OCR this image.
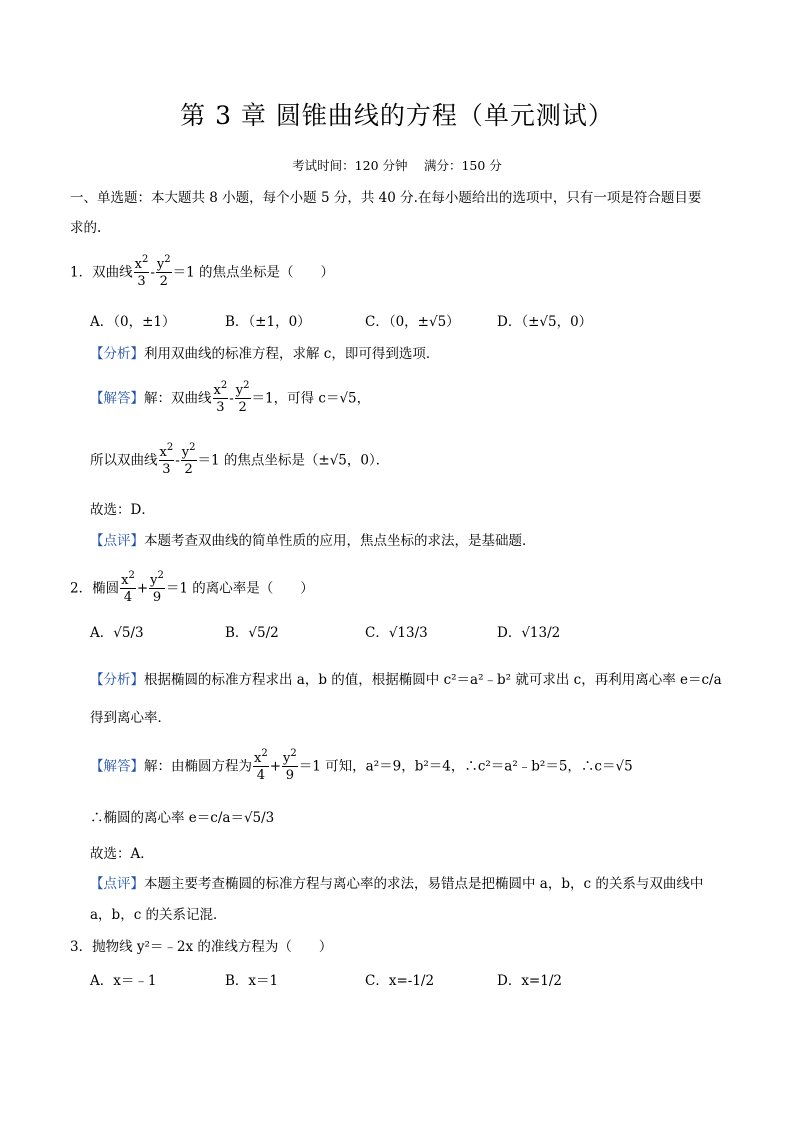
第 3 章 圆锥曲线的方程（单元测试）
考试时间：120 分钟　 满分：150 分
一、单选题：本大题共 8 小题，每个小题 5 分，共 40 分.在每小题给出的选项中，只有一项是符合题目要
求的.
1．双曲线 $\frac{x^2}{3} - \frac{y^2}{2} =1$ 的焦点坐标是（　　）
A．（0，±1）	B．（±1，0）	C．（0，±√5）	D．（±√5，0）
【分析】利用双曲线的标准方程，求解 c，即可得到选项．
【解答】解：双曲线 $\frac{x^2}{3} - \frac{y^2}{2} =1$，可得 c＝√5，
所以双曲线 $\frac{x^2}{3} - \frac{y^2}{2} =1$ 的焦点坐标是（±√5，0）．
故选：D．
【点评】本题考查双曲线的简单性质的应用，焦点坐标的求法，是基础题．
2．椭圆 $\frac{x^2}{4} + \frac{y^2}{9} =1$ 的离心率是（　　）
A．√5/3	B．√5/2	C．√13/3	D．√13/2
【分析】根据椭圆的标准方程求出 a，b 的值，根据椭圆中 c²＝a²﹣b² 就可求出 c，再利用离心率 e＝c/a
得到离心率．
【解答】解：由椭圆方程为 $\frac{x^2}{4} + \frac{y^2}{9} =1$ 可知，a²＝9，b²＝4，∴c²＝a²﹣b²＝5，∴c＝√5
∴椭圆的离心率 e＝c/a＝√5/3
故选：A．
【点评】本题主要考查椭圆的标准方程与离心率的求法，易错点是把椭圆中 a，b，c 的关系与双曲线中
a，b，c 的关系记混．
3．抛物线 y²＝﹣2x 的准线方程为（　　）
A．x＝﹣1	B．x＝1	C．x=-1/2	D．x=1/2
